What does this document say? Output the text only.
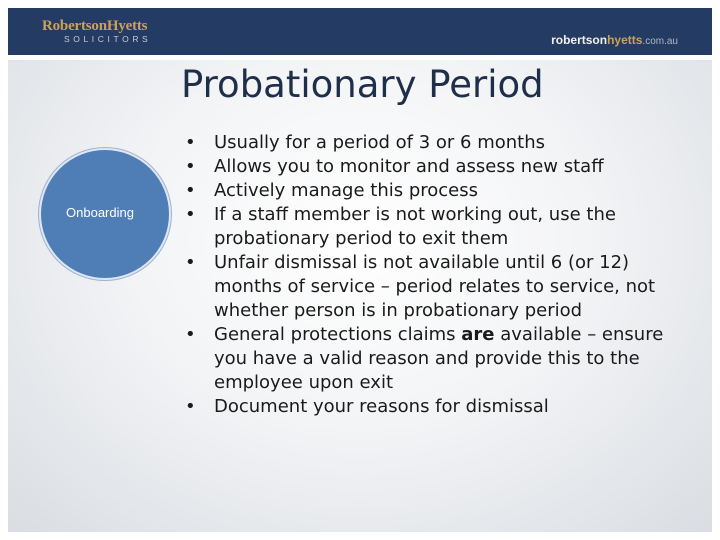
RobertsonHyetts
SOLICITORS	robertsonhyetts.com.au
Probationary Period
Onboarding
• Usually for a period of 3 or 6 months
• Allows you to monitor and assess new staff
• Actively manage this process
• If a staff member is not working out, use the probationary period to exit them
• Unfair dismissal is not available until 6 (or 12) months of service – period relates to service, not whether person is in probationary period
• General protections claims are available – ensure you have a valid reason and provide this to the employee upon exit
• Document your reasons for dismissal
